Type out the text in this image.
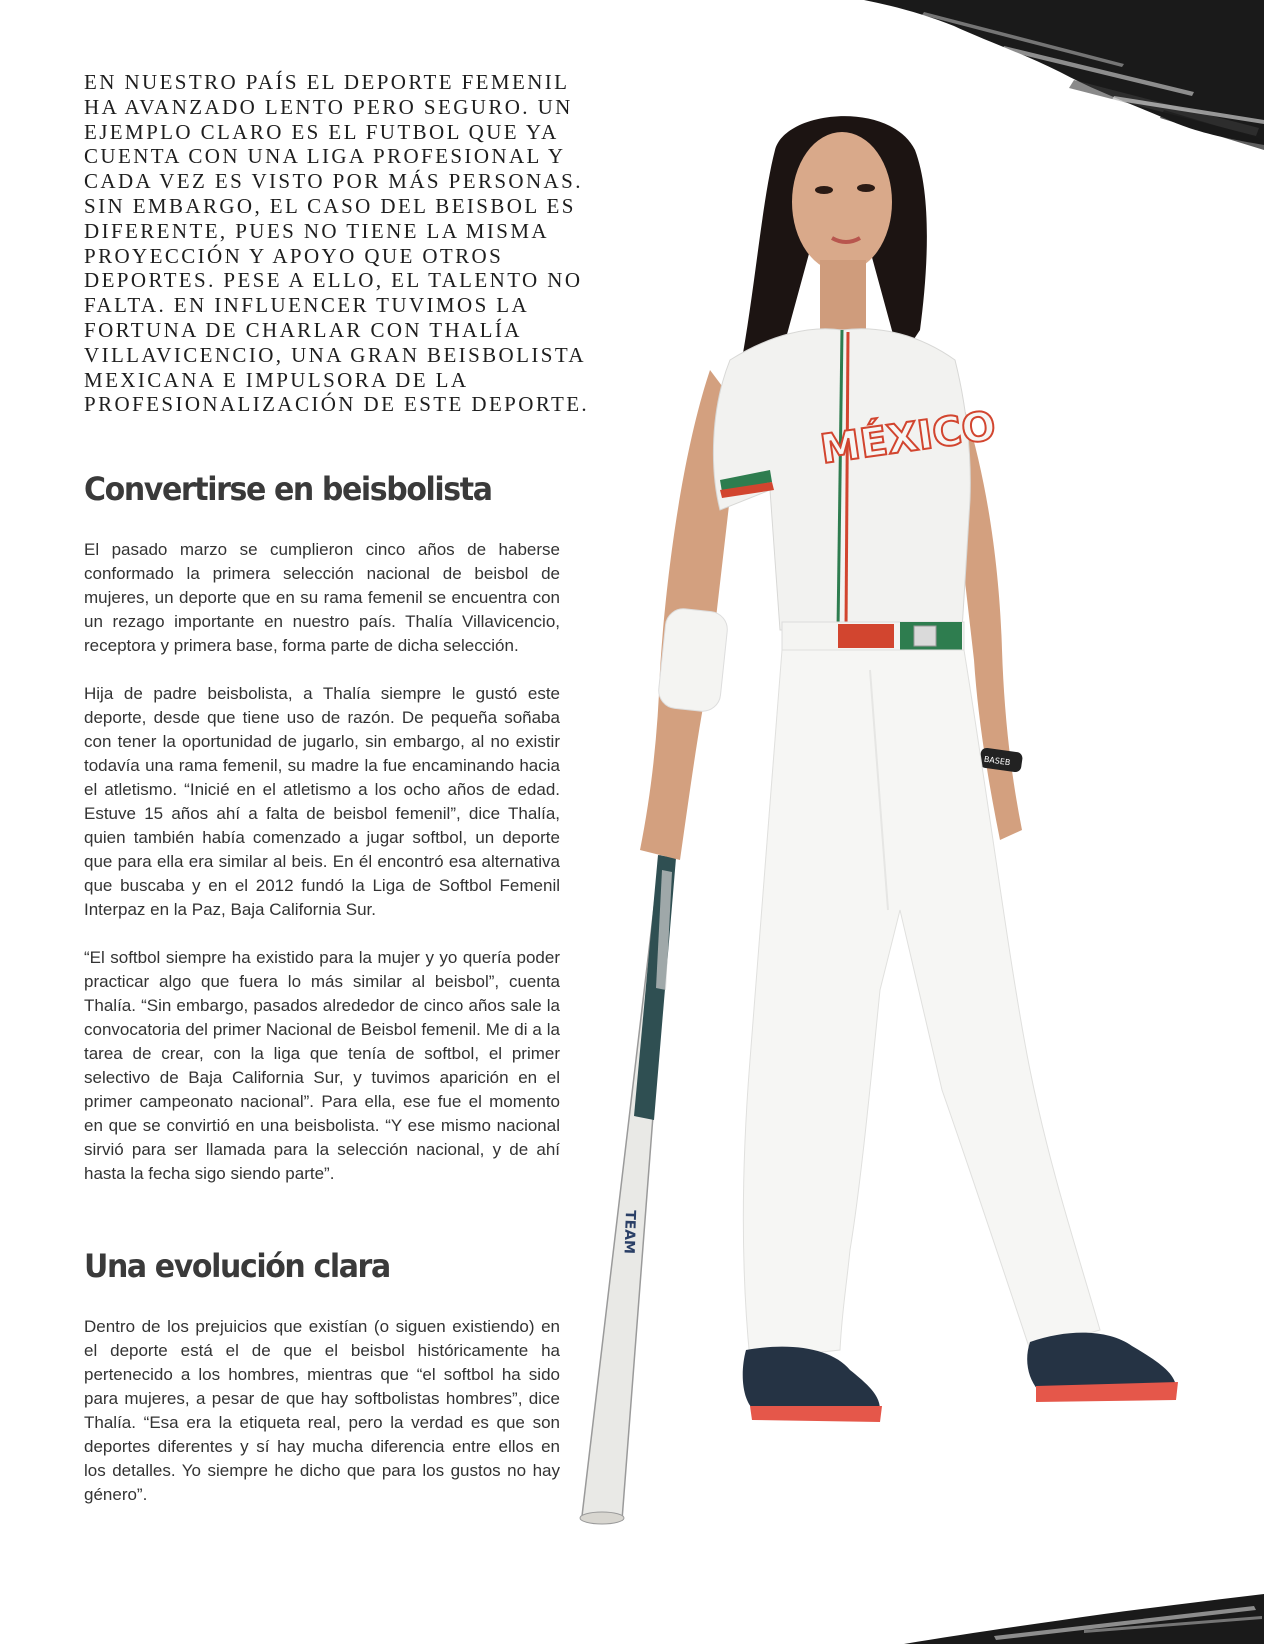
EN NUESTRO PAÍS EL DEPORTE FEMENIL
HA AVANZADO LENTO PERO SEGURO. UN
EJEMPLO CLARO ES EL FUTBOL QUE YA
CUENTA CON UNA LIGA PROFESIONAL Y
CADA VEZ ES VISTO POR MÁS PERSONAS.
SIN EMBARGO, EL CASO DEL BEISBOL ES
DIFERENTE, PUES NO TIENE LA MISMA
PROYECCIÓN Y APOYO QUE OTROS
DEPORTES. PESE A ELLO, EL TALENTO NO
FALTA. EN INFLUENCER TUVIMOS LA
FORTUNA DE CHARLAR CON THALÍA
VILLAVICENCIO, UNA GRAN BEISBOLISTA
MEXICANA E IMPULSORA DE LA
PROFESIONALIZACIÓN DE ESTE DEPORTE.

Convertirse en beisbolista

El pasado marzo se cumplieron cinco años de haberse conformado la primera selección nacional de beisbol de mujeres, un deporte que en su rama femenil se encuentra con un rezago importante en nuestro país. Thalía Villavicencio, receptora y primera base, forma parte de dicha selección.

Hija de padre beisbolista, a Thalía siempre le gustó este deporte, desde que tiene uso de razón. De pequeña soñaba con tener la oportunidad de jugarlo, sin embargo, al no existir todavía una rama femenil, su madre la fue encaminando hacia el atletismo. “Inicié en el atletismo a los ocho años de edad. Estuve 15 años ahí a falta de beisbol femenil”, dice Thalía, quien también había comenzado a jugar softbol, un deporte que para ella era similar al beis. En él encontró esa alternativa que buscaba y en el 2012 fundó la Liga de Softbol Femenil Interpaz en la Paz, Baja California Sur.

“El softbol siempre ha existido para la mujer y yo quería poder practicar algo que fuera lo más similar al beisbol”, cuenta Thalía. “Sin embargo, pasados alrededor de cinco años sale la convocatoria del primer Nacional de Beisbol femenil. Me di a la tarea de crear, con la liga que tenía de softbol, el primer selectivo de Baja California Sur, y tuvimos aparición en el primer campeonato nacional”. Para ella, ese fue el momento en que se convirtió en una beisbolista. “Y ese mismo nacional sirvió para ser llamada para la selección nacional, y de ahí hasta la fecha sigo siendo parte”.

Una evolución clara

Dentro de los prejuicios que existían (o siguen existiendo) en el deporte está el de que el beisbol históricamente ha pertenecido a los hombres, mientras que “el softbol ha sido para mujeres, a pesar de que hay softbolistas hombres”, dice Thalía. “Esa era la etiqueta real, pero la verdad es que son deportes diferentes y sí hay mucha diferencia entre ellos en los detalles. Yo siempre he dicho que para los gustos no hay género”.

TEAM
BASEB
MÉXICO
